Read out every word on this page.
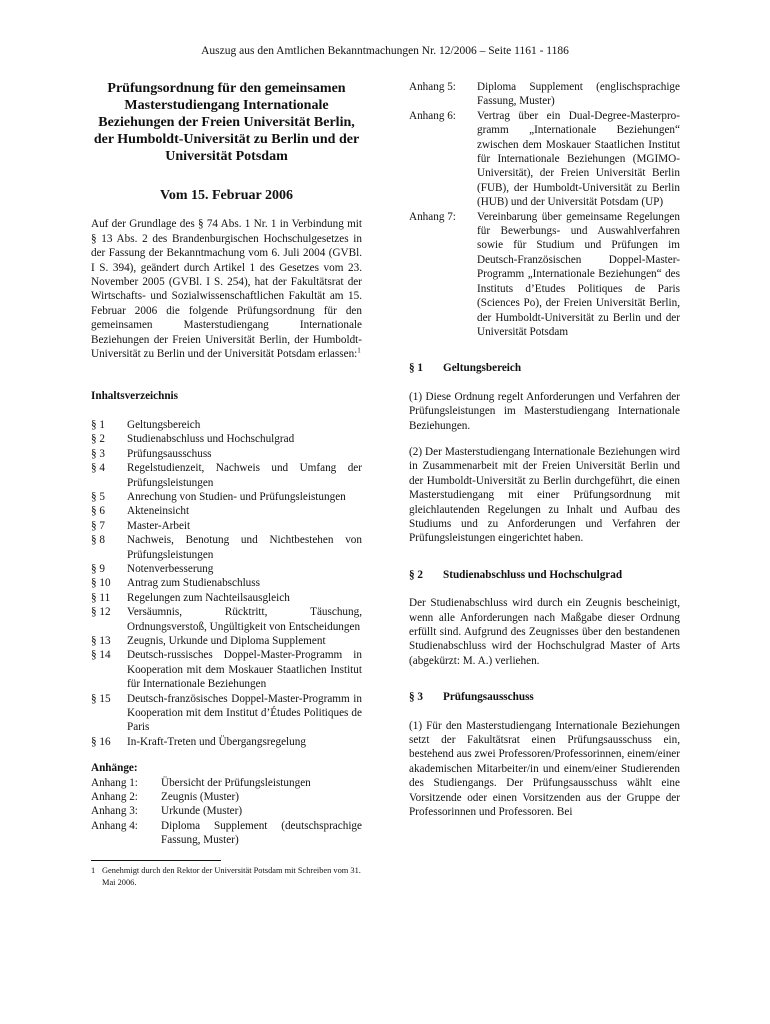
Auszug aus den Amtlichen Bekanntmachungen Nr. 12/2006 – Seite 1161 - 1186
Prüfungsordnung für den gemeinsamen Masterstudiengang Internationale Beziehungen der Freien Universität Berlin, der Humboldt-Universität zu Berlin und der Universität Potsdam
Vom 15. Februar 2006

Auf der Grundlage des § 74 Abs. 1 Nr. 1 in Verbindung mit § 13 Abs. 2 des Brandenburgischen Hochschulgesetzes in der Fassung der Bekanntmachung vom 6. Juli 2004 (GVBl. I S. 394), geändert durch Artikel 1 des Gesetzes vom 23. November 2005 (GVBl. I S. 254), hat der Fakultätsrat der Wirtschafts- und Sozialwissenschaftlichen Fakultät am 15. Februar 2006 die folgende Prüfungsordnung für den gemeinsamen Masterstudiengang Internationale Beziehungen der Freien Universität Berlin, der Humboldt-Universität zu Berlin und der Universität Potsdam erlassen:$^1$

Inhaltsverzeichnis
§ 1	Geltungsbereich
§ 2	Studienabschluss und Hochschulgrad
§ 3	Prüfungsausschuss
§ 4	Regelstudienzeit, Nachweis und Umfang der Prüfungsleistungen
§ 5	Anrechung von Studien- und Prüfungsleistungen
§ 6	Akteneinsicht
§ 7	Master-Arbeit
§ 8	Nachweis, Benotung und Nichtbestehen von Prüfungsleistungen
§ 9	Notenverbesserung
§ 10	Antrag zum Studienabschluss
§ 11	Regelungen zum Nachteilsausgleich
§ 12	Versäumnis, Rücktritt, Täuschung, Ordnungsverstoß, Ungültigkeit von Entscheidungen
§ 13	Zeugnis, Urkunde und Diploma Supplement
§ 14	Deutsch-russisches Doppel-Master-Programm in Kooperation mit dem Moskauer Staatlichen Institut für Internationale Beziehungen
§ 15	Deutsch-französisches Doppel-Master-Programm in Kooperation mit dem Institut d’Études Politiques de Paris
§ 16	In-Kraft-Treten und Übergangsregelung
Anhänge:
Anhang 1:	Übersicht der Prüfungsleistungen
Anhang 2:	Zeugnis (Muster)
Anhang 3:	Urkunde (Muster)
Anhang 4:	Diploma Supplement (deutschsprachige Fassung, Muster)
1 Genehmigt durch den Rektor der Universität Potsdam mit Schreiben vom 31. Mai 2006.
Anhang 5:	Diploma Supplement (englischsprachige Fassung, Muster)
Anhang 6:	Vertrag über ein Dual-Degree-Masterpro-gramm „Internationale Beziehungen“ zwischen dem Moskauer Staatlichen Institut für Internationale Beziehungen (MGIMO-Universität), der Freien Universität Berlin (FUB), der Humboldt-Universität zu Berlin (HUB) und der Universität Potsdam (UP)
Anhang 7:	Vereinbarung über gemeinsame Regelungen für Bewerbungs- und Auswahlverfahren sowie für Studium und Prüfungen im Deutsch-Französischen Doppel-Master-Programm „Internationale Beziehungen“ des Instituts d’Etudes Politiques de Paris (Sciences Po), der Freien Universität Berlin, der Humboldt-Universität zu Berlin und der Universität Potsdam
§ 1	Geltungsbereich

(1) Diese Ordnung regelt Anforderungen und Verfahren der Prüfungsleistungen im Masterstudiengang Internationale Beziehungen.

(2) Der Masterstudiengang Internationale Beziehungen wird in Zusammenarbeit mit der Freien Universität Berlin und der Humboldt-Universität zu Berlin durchgeführt, die einen Masterstudiengang mit einer Prüfungsordnung mit gleichlautenden Regelungen zu Inhalt und Aufbau des Studiums und zu Anforderungen und Verfahren der Prüfungsleistungen eingerichtet haben.

§ 2	Studienabschluss und Hochschulgrad

Der Studienabschluss wird durch ein Zeugnis bescheinigt, wenn alle Anforderungen nach Maßgabe dieser Ordnung erfüllt sind. Aufgrund des Zeugnisses über den bestandenen Studienabschluss wird der Hochschulgrad Master of Arts (abgekürzt: M. A.) verliehen.

§ 3	Prüfungsausschuss

(1) Für den Masterstudiengang Internationale Beziehungen setzt der Fakultätsrat einen Prüfungsausschuss ein, bestehend aus zwei Professoren/Professorinnen, einem/einer akademischen Mitarbeiter/in und einem/einer Studierenden des Studiengangs. Der Prüfungsausschuss wählt eine Vorsitzende oder einen Vorsitzenden aus der Gruppe der Professorinnen und Professoren. Bei
